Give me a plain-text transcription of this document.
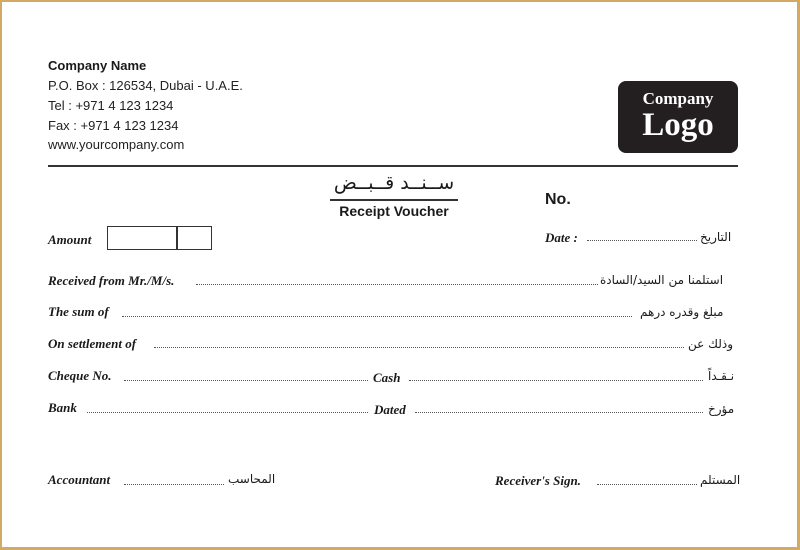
Company Name
P.O. Box : 126534, Dubai - U.A.E.
Tel : +971 4 123 1234
Fax : +971 4 123 1234
www.yourcompany.com
Company
Logo
ســنــد قــبــض
Receipt Voucher
No.
Amount	Date :	التاريخ
Received from Mr./M/s.	استلمنا من السيد/السادة
The sum of	مبلغ وقدره درهم
On settlement of	وذلك عن
Cheque No.	Cash	نـقـداً
Bank	Dated	مؤرخ
Accountant	المحاسب	Receiver's Sign.	المستلم
